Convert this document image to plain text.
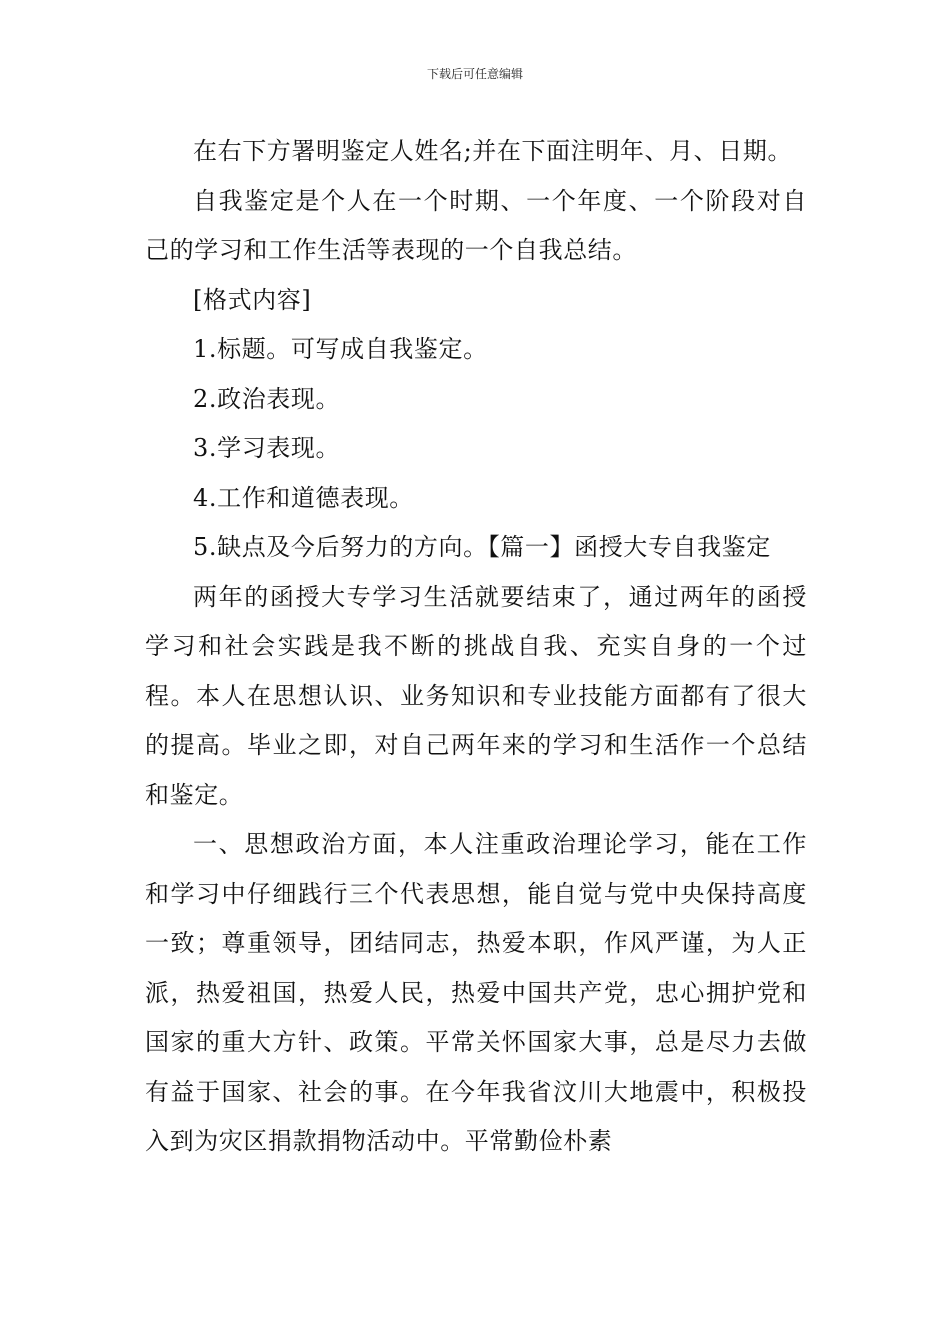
下载后可任意编辑

在右下方署明鉴定人姓名;并在下面注明年、月、日期。

自我鉴定是个人在一个时期、一个年度、一个阶段对自己的学习和工作生活等表现的一个自我总结。

[格式内容]

1.标题。可写成自我鉴定。

2.政治表现。

3.学习表现。

4.工作和道德表现。

5.缺点及今后努力的方向。【篇一】函授大专自我鉴定

两年的函授大专学习生活就要结束了，通过两年的函授学习和社会实践是我不断的挑战自我、充实自身的一个过程。本人在思想认识、业务知识和专业技能方面都有了很大的提高。毕业之即，对自己两年来的学习和生活作一个总结和鉴定。

一、思想政治方面，本人注重政治理论学习，能在工作和学习中仔细践行三个代表思想，能自觉与党中央保持高度一致；尊重领导，团结同志，热爱本职，作风严谨，为人正派，热爱祖国，热爱人民，热爱中国共产党，忠心拥护党和国家的重大方针、政策。平常关怀国家大事，总是尽力去做有益于国家、社会的事。在今年我省汶川大地震中，积极投入到为灾区捐款捐物活动中。平常勤俭朴素
